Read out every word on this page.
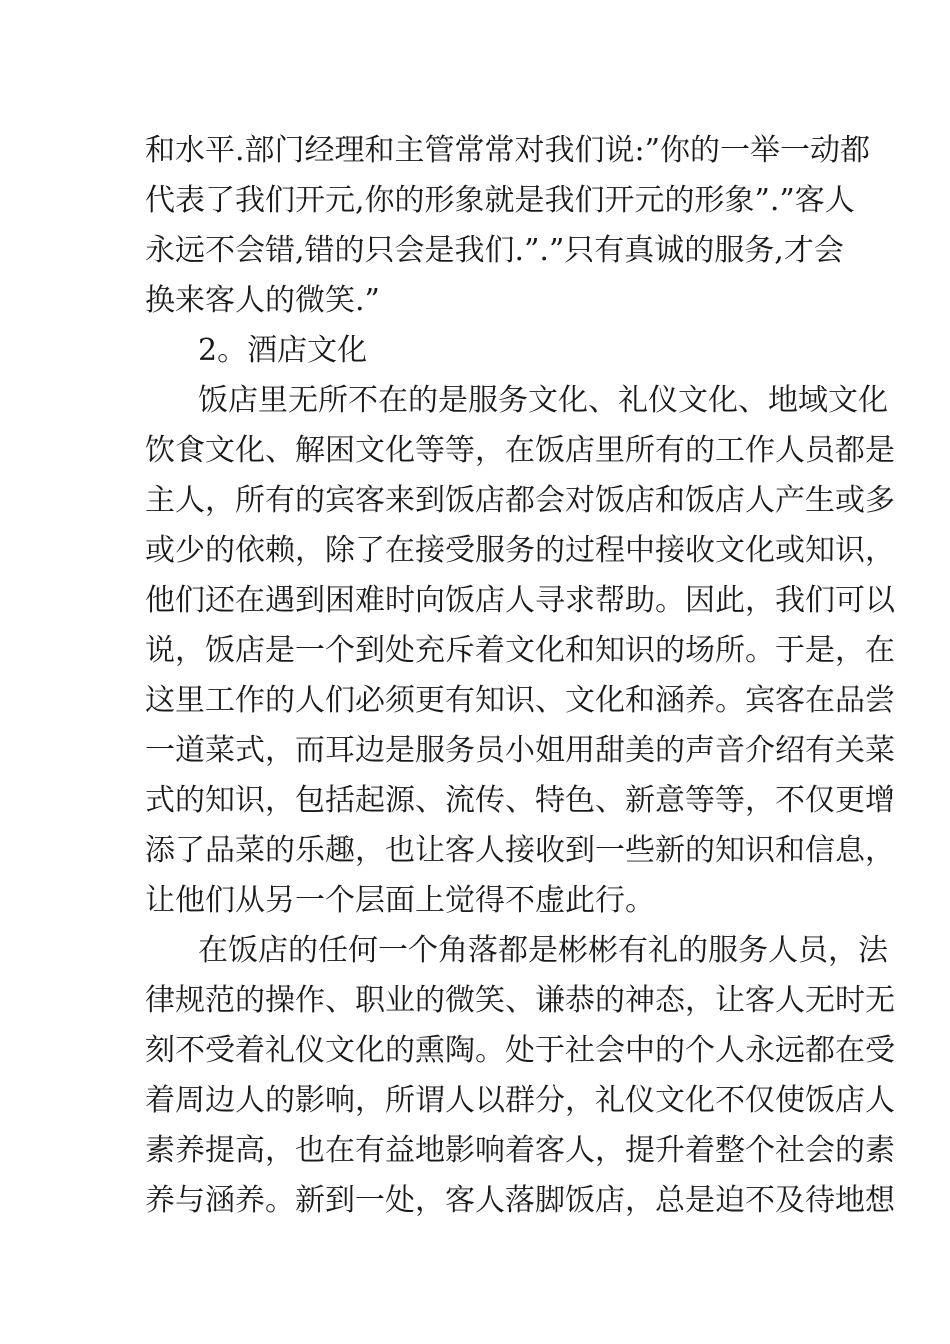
和水平.部门经理和主管常常对我们说:”你的一举一动都
代表了我们开元,你的形象就是我们开元的形象”.”客人
永远不会错,错的只会是我们.”.”只有真诚的服务,才会
换来客人的微笑.”
2。酒店文化
饭店里无所不在的是服务文化、礼仪文化、地域文化
饮食文化、解困文化等等，在饭店里所有的工作人员都是
主人，所有的宾客来到饭店都会对饭店和饭店人产生或多
或少的依赖，除了在接受服务的过程中接收文化或知识，
他们还在遇到困难时向饭店人寻求帮助。因此，我们可以
说，饭店是一个到处充斥着文化和知识的场所。于是，在
这里工作的人们必须更有知识、文化和涵养。宾客在品尝
一道菜式，而耳边是服务员小姐用甜美的声音介绍有关菜
式的知识，包括起源、流传、特色、新意等等，不仅更增
添了品菜的乐趣，也让客人接收到一些新的知识和信息，
让他们从另一个层面上觉得不虚此行。
在饭店的任何一个角落都是彬彬有礼的服务人员，法
律规范的操作、职业的微笑、谦恭的神态，让客人无时无
刻不受着礼仪文化的熏陶。处于社会中的个人永远都在受
着周边人的影响，所谓人以群分，礼仪文化不仅使饭店人
素养提高，也在有益地影响着客人，提升着整个社会的素
养与涵养。新到一处，客人落脚饭店，总是迫不及待地想
